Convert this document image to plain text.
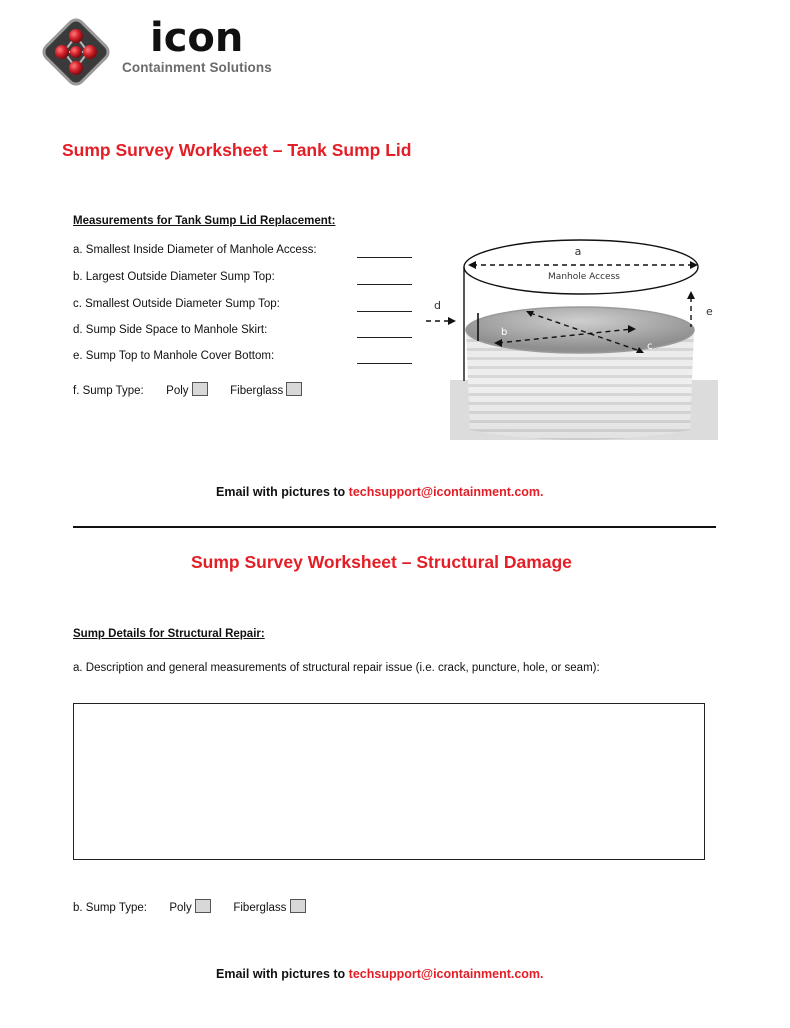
icon
Containment Solutions
Sump Survey Worksheet – Tank Sump Lid
Measurements for Tank Sump Lid Replacement:
a. Smallest Inside Diameter of Manhole Access:
b. Largest Outside Diameter Sump Top:
c. Smallest Outside Diameter Sump Top:
d. Sump Side Space to Manhole Skirt:
e. Sump Top to Manhole Cover Bottom:
f. Sump Type: Poly	Fiberglass
a
Manhole Access
d	e
b
c
Email with pictures to techsupport@icontainment.com.
Sump Survey Worksheet – Structural Damage
Sump Details for Structural Repair:
a. Description and general measurements of structural repair issue (i.e. crack, puncture, hole, or seam):
b. Sump Type: Poly	Fiberglass
Email with pictures to techsupport@icontainment.com.
